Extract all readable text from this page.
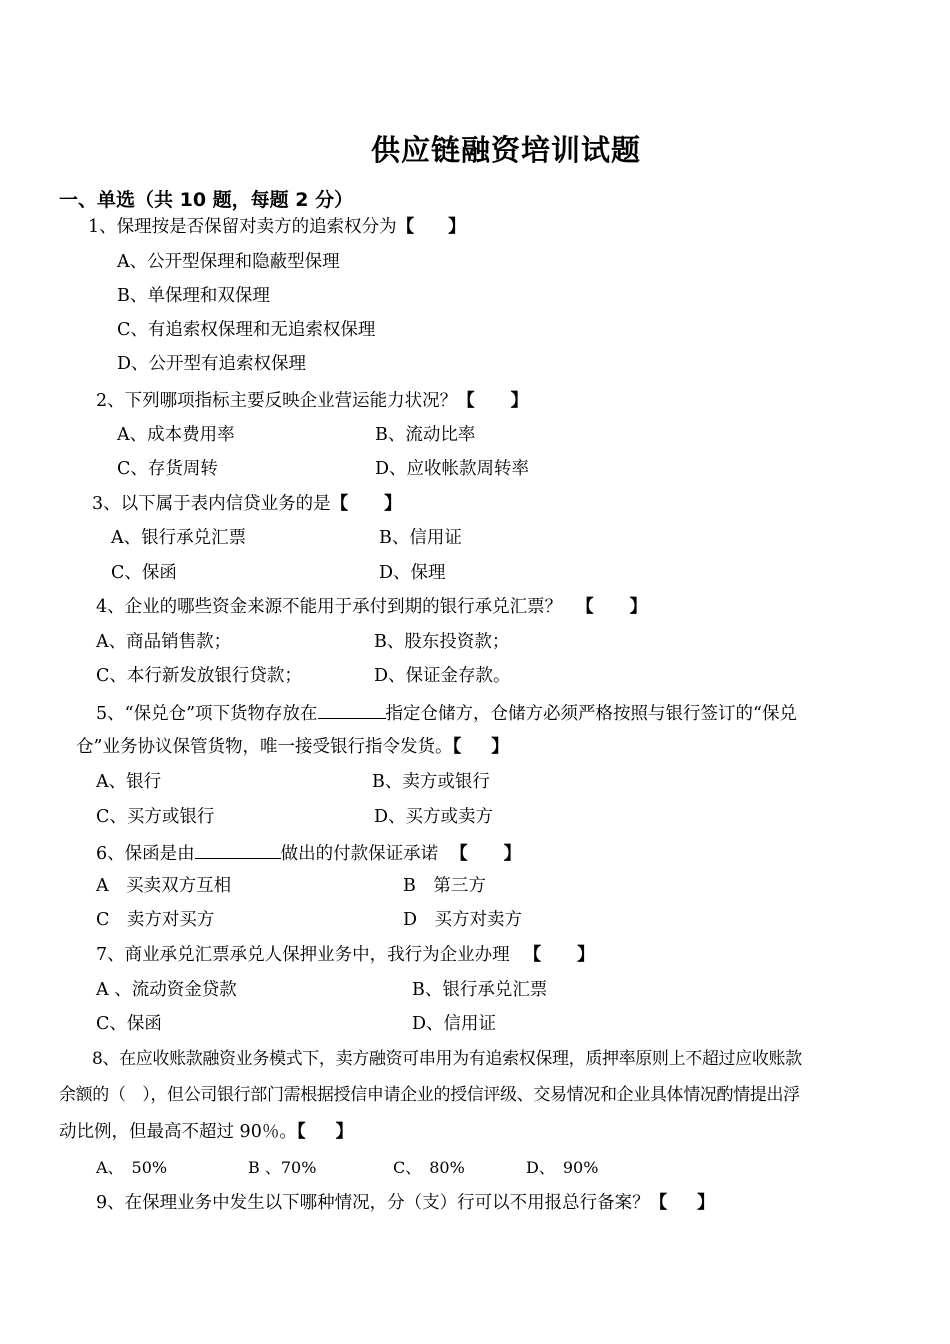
供应链融资培训试题
一、单选（共 10 题，每题 2 分）
1、保理按是否保留对卖方的追索权分为【 】
A、公开型保理和隐蔽型保理
B、单保理和双保理
C、有追索权保理和无追索权保理
D、公开型有追索权保理
2、下列哪项指标主要反映企业营运能力状况？【 】
A、成本费用率	B、流动比率
C、存货周转	D、应收帐款周转率
3、以下属于表内信贷业务的是【 】
A、银行承兑汇票	B、信用证
C、保函	D、保理
4、企业的哪些资金来源不能用于承付到期的银行承兑汇票？ 【 】
A、商品销售款；	B、股东投资款；
C、本行新发放银行贷款；	D、保证金存款。
5、“保兑仓”项下货物存放在	指定仓储方，仓储方必须严格按照与银行签订的“保兑
仓”业务协议保管货物，唯一接受银行指令发货。【 】
A、银行	B、卖方或银行
C、买方或银行	D、买方或卖方
6、保函是由	做出的付款保证承诺 【 】
A　买卖双方互相	B　第三方
C　卖方对买方	D　买方对卖方
7、商业承兑汇票承兑人保押业务中，我行为企业办理 【 】
A 、流动资金贷款	B、银行承兑汇票
C、保函	D、信用证
8、在应收账款融资业务模式下，卖方融资可串用为有追索权保理，质押率原则上不超过应收账款
余额的（　），但公司银行部门需根据授信申请企业的授信评级、交易情况和企业具体情况酌情提出浮
动比例，但最高不超过 90％。【 】
A、　50%	B 、70%	C、　80%	D、　90%
9、在保理业务中发生以下哪种情况，分（支）行可以不用报总行备案？【 】
